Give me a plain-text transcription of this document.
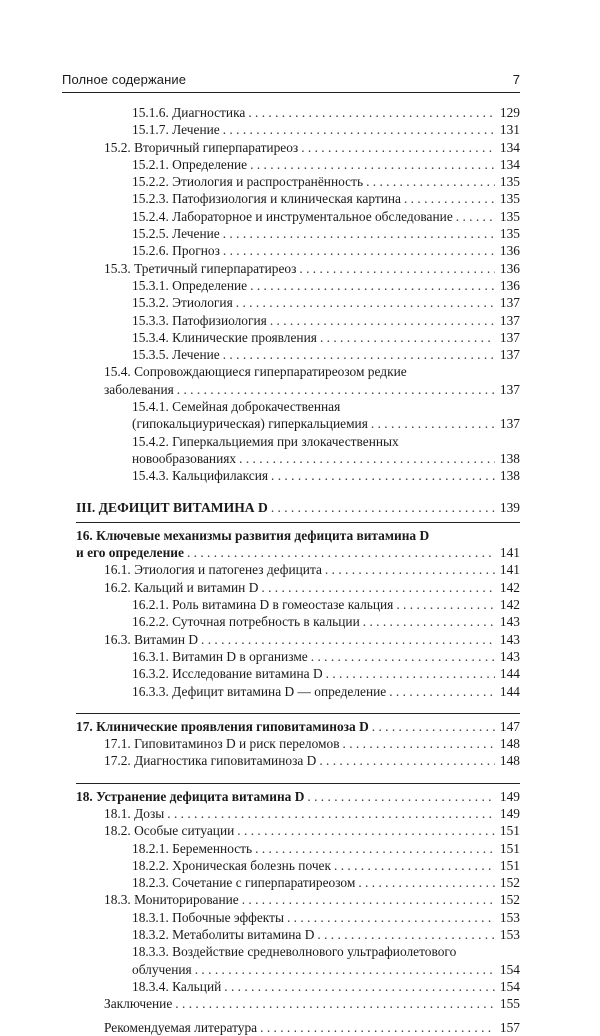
Полное содержание	7
15.1.6. Диагностика . . .	129
15.1.7. Лечение . . .	131
15.2. Вторичный гиперпаратиреоз . . .	134
15.2.1. Определение . . .	134
15.2.2. Этиология и распространённость . . .	135
15.2.3. Патофизиология и клиническая картина . . .	135
15.2.4. Лабораторное и инструментальное обследование . . .	135
15.2.5. Лечение . . .	135
15.2.6. Прогноз . . .	136
15.3. Третичный гиперпаратиреоз . . .	136
15.3.1. Определение . . .	136
15.3.2. Этиология . . .	137
15.3.3. Патофизиология . . .	137
15.3.4. Клинические проявления . . .	137
15.3.5. Лечение . . .	137
15.4. Сопровождающиеся гиперпаратиреозом редкие
заболевания . . .	137
15.4.1. Семейная доброкачественная
(гипокальциурическая) гиперкальциемия . . .	137
15.4.2. Гиперкальциемия при злокачественных
новообразованиях . . .	138
15.4.3. Кальцифилаксия . . .	138
III. ДЕФИЦИТ ВИТАМИНА D . . .	139
16. Ключевые механизмы развития дефицита витамина D
и его определение . . .	141
16.1. Этиология и патогенез дефицита . . .	141
16.2. Кальций и витамин D . . .	142
16.2.1. Роль витамина D в гомеостазе кальция . . .	142
16.2.2. Суточная потребность в кальции . . .	143
16.3. Витамин D . . .	143
16.3.1. Витамин D в организме . . .	143
16.3.2. Исследование витамина D . . .	144
16.3.3. Дефицит витамина D — определение . . .	144
17. Клинические проявления гиповитаминоза D . . .	147
17.1. Гиповитаминоз D и риск переломов . . .	148
17.2. Диагностика гиповитаминоза D . . .	148
18. Устранение дефицита витамина D . . .	149
18.1. Дозы . . .	149
18.2. Особые ситуации . . .	151
18.2.1. Беременность . . .	151
18.2.2. Хроническая болезнь почек . . .	151
18.2.3. Сочетание с гиперпаратиреозом . . .	152
18.3. Мониторирование . . .	152
18.3.1. Побочные эффекты . . .	153
18.3.2. Метаболиты витамина D . . .	153
18.3.3. Воздействие средневолнового ультрафиолетового
облучения . . .	154
18.3.4. Кальций . . .	154
Заключение . . .	155
Рекомендуемая литература . . .	157
